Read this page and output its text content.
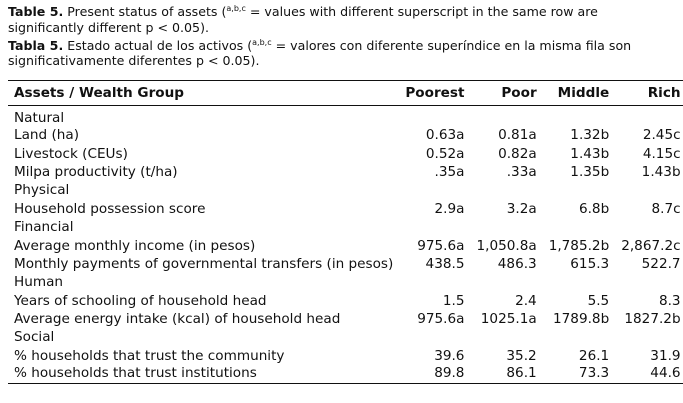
Table 5. Present status of assets ($^{a,b,c}$ = values with different superscript in the same row are significantly different p < 0.05).

Tabla 5. Estado actual de los activos ($^{a,b,c}$ = valores con diferente superíndice en la misma fila son significativamente diferentes p < 0.05).

Assets / Wealth Group	Poorest	Poor	Middle	Rich
Natural				
Land (ha)	0.63a	0.81a	1.32b	2.45c
Livestock (CEUs)	0.52a	0.82a	1.43b	4.15c
Milpa productivity (t/ha)	.35a	.33a	1.35b	1.43b
Physical				
Household possession score	2.9a	3.2a	6.8b	8.7c
Financial				
Average monthly income (in pesos)	975.6a	1,050.8a	1,785.2b	2,867.2c
Monthly payments of governmental transfers (in pesos)	438.5	486.3	615.3	522.7
Human				
Years of schooling of household head	1.5	2.4	5.5	8.3
Average energy intake (kcal) of household head	975.6a	1025.1a	1789.8b	1827.2b
Social				
% households that trust the community	39.6	35.2	26.1	31.9
% households that trust institutions	89.8	86.1	73.3	44.6
